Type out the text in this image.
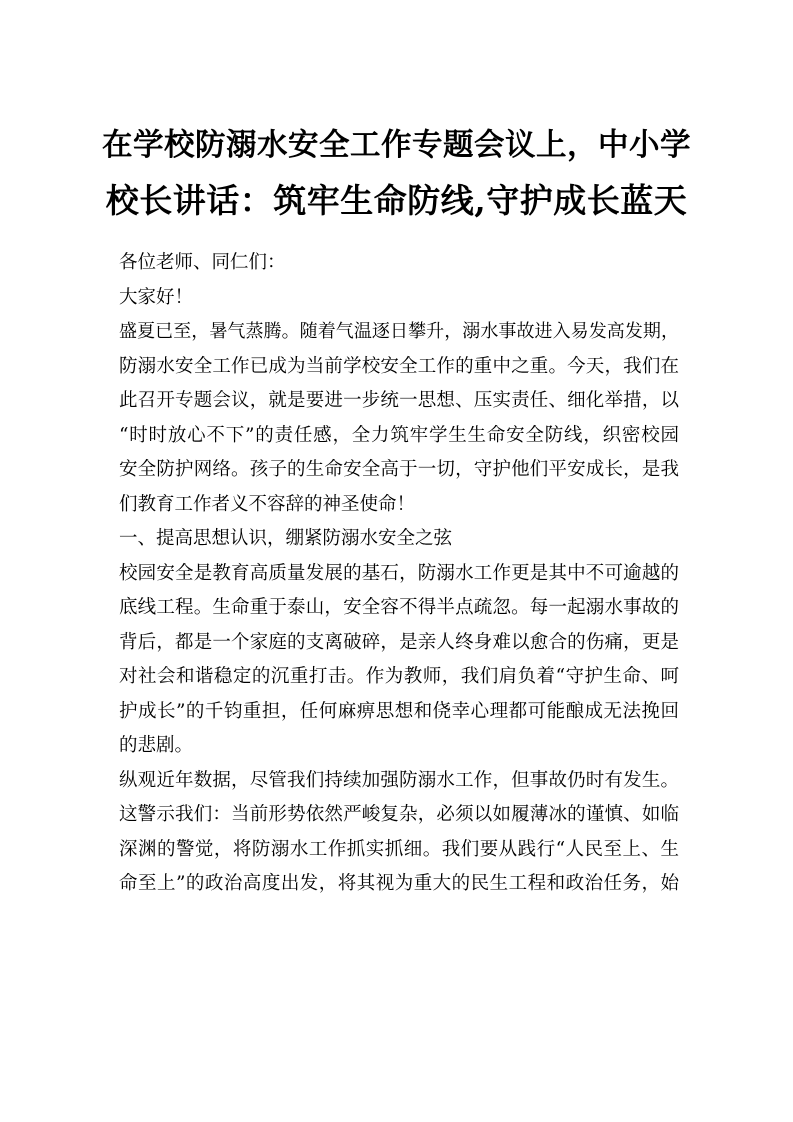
在学校防溺水安全工作专题会议上，中小学
校长讲话：筑牢生命防线,守护成长蓝天

各位老师、同仁们：

大家好！

盛夏已至，暑气蒸腾。随着气温逐日攀升，溺水事故进入易发高发期，
防溺水安全工作已成为当前学校安全工作的重中之重。今天，我们在
此召开专题会议，就是要进一步统一思想、压实责任、细化举措，以
“时时放心不下”的责任感，全力筑牢学生生命安全防线，织密校园
安全防护网络。孩子的生命安全高于一切，守护他们平安成长，是我
们教育工作者义不容辞的神圣使命！

一、提高思想认识，绷紧防溺水安全之弦

校园安全是教育高质量发展的基石，防溺水工作更是其中不可逾越的
底线工程。生命重于泰山，安全容不得半点疏忽。每一起溺水事故的
背后，都是一个家庭的支离破碎，是亲人终身难以愈合的伤痛，更是
对社会和谐稳定的沉重打击。作为教师，我们肩负着“守护生命、呵
护成长”的千钧重担，任何麻痹思想和侥幸心理都可能酿成无法挽回
的悲剧。

纵观近年数据，尽管我们持续加强防溺水工作，但事故仍时有发生。
这警示我们：当前形势依然严峻复杂，必须以如履薄冰的谨慎、如临
深渊的警觉，将防溺水工作抓实抓细。我们要从践行“人民至上、生
命至上”的政治高度出发，将其视为重大的民生工程和政治任务，始
